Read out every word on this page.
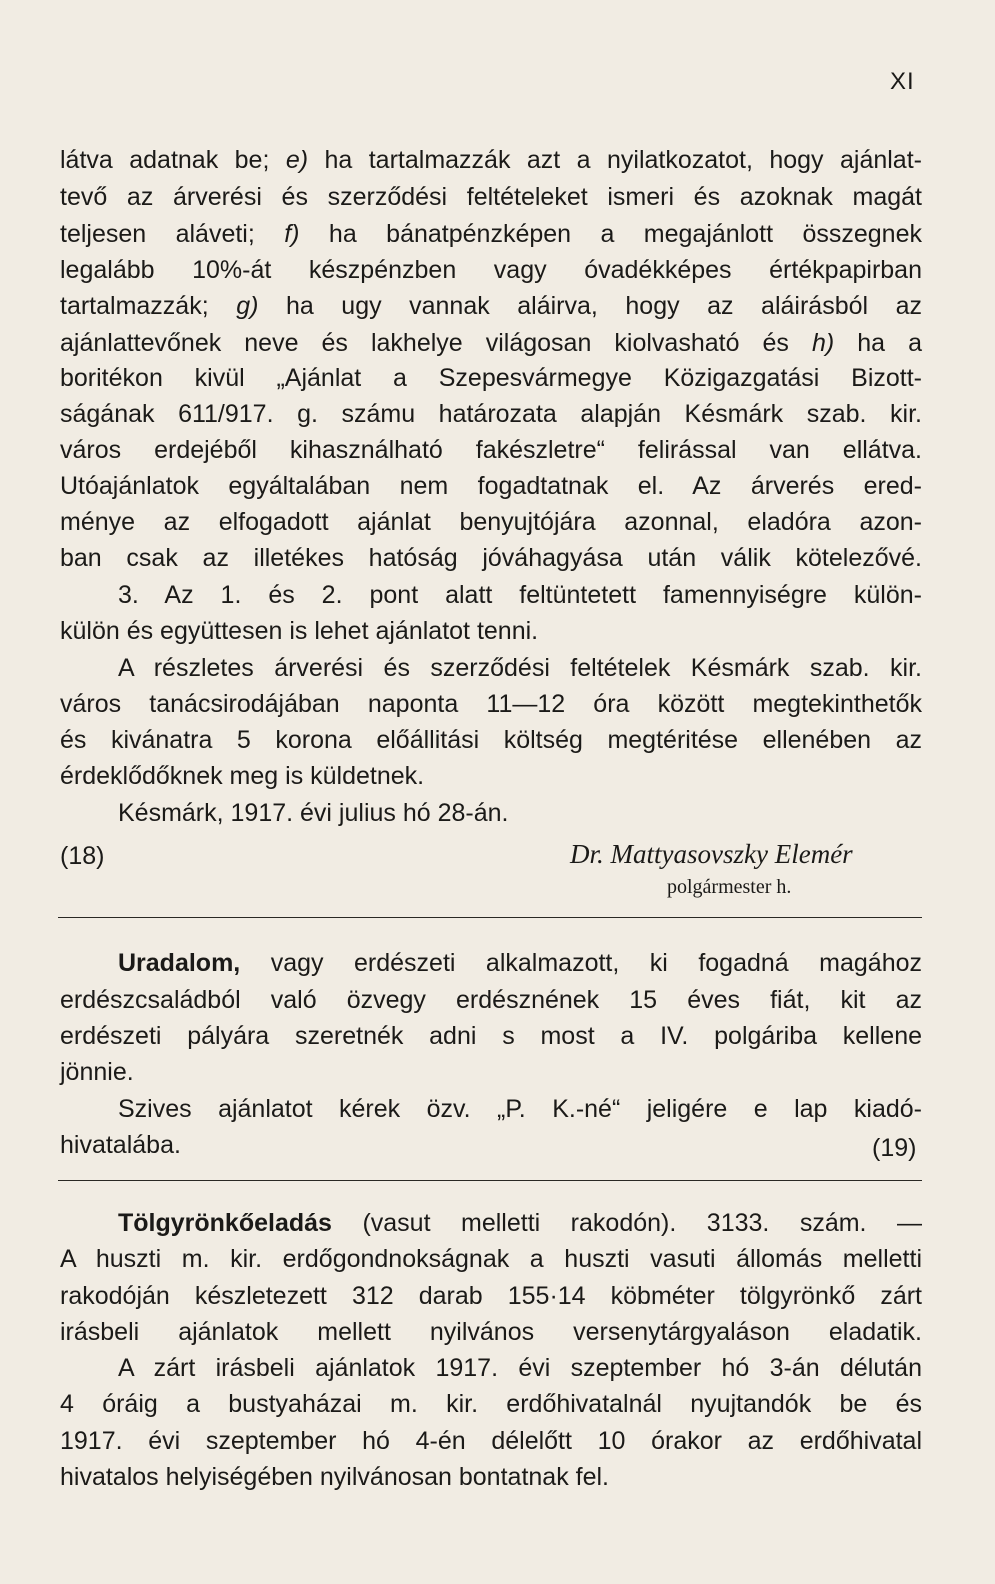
XI
látva adatnak be; e) ha tartalmazzák azt a nyilatkozatot, hogy ajánlat-
tevő az árverési és szerződési feltételeket ismeri és azoknak magát
teljesen aláveti; f) ha bánatpénzképen a megajánlott összegnek
legalább 10%-át készpénzben vagy óvadékképes értékpapirban
tartalmazzák; g) ha ugy vannak aláirva, hogy az aláirásból az
ajánlattevőnek neve és lakhelye világosan kiolvasható és h) ha a
boritékon kivül „Ajánlat a Szepesvármegye Közigazgatási Bizott-
ságának 611/917. g. számu határozata alapján Késmárk szab. kir.
város erdejéből kihasználható fakészletre“ felirással van ellátva.
Utóajánlatok egyáltalában nem fogadtatnak el. Az árverés ered-
ménye az elfogadott ajánlat benyujtójára azonnal, eladóra azon-
ban csak az illetékes hatóság jóváhagyása után válik kötelezővé.
3. Az 1. és 2. pont alatt feltüntetett famennyiségre külön-
külön és együttesen is lehet ajánlatot tenni.
A részletes árverési és szerződési feltételek Késmárk szab. kir.
város tanácsirodájában naponta 11—12 óra között megtekinthetők
és kivánatra 5 korona előállitási költség megtéritése ellenében az
érdeklődőknek meg is küldetnek.
Késmárk, 1917. évi julius hó 28-án.
(18)	Dr. Mattyasovszky Elemér
polgármester h.
Uradalom, vagy erdészeti alkalmazott, ki fogadná magához
erdészcsaládból való özvegy erdésznének 15 éves fiát, kit az
erdészeti pályára szeretnék adni s most a IV. polgáriba kellene
jönnie.
Szives ajánlatot kérek özv. „P. K.-né“ jeligére e lap kiadó-
hivatalába.	(19)
Tölgyrönkőeladás (vasut melletti rakodón). 3133. szám. —
A huszti m. kir. erdőgondnokságnak a huszti vasuti állomás melletti
rakodóján készletezett 312 darab 155·14 köbméter tölgyrönkő zárt
irásbeli ajánlatok mellett nyilvános versenytárgyaláson eladatik.
A zárt irásbeli ajánlatok 1917. évi szeptember hó 3-án délután
4 óráig a bustyaházai m. kir. erdőhivatalnál nyujtandók be és
1917. évi szeptember hó 4-én délelőtt 10 órakor az erdőhivatal
hivatalos helyiségében nyilvánosan bontatnak fel.
